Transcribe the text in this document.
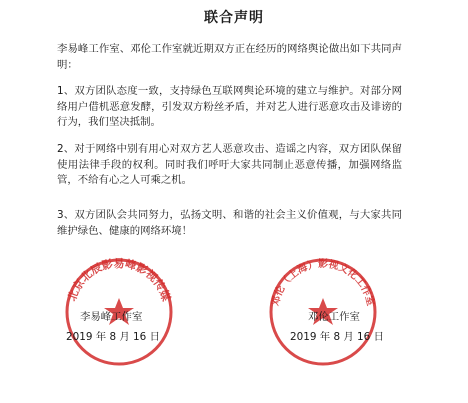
联合声明

李易峰工作室、邓伦工作室就近期双方正在经历的网络舆论做出如下共同声明：

1、双方团队态度一致，支持绿色互联网舆论环境的建立与维护。对部分网络用户借机恶意发酵，引发双方粉丝矛盾，并对艺人进行恶意攻击及诽谤的行为，我们坚决抵制。

2、对于网络中别有用心对双方艺人恶意攻击、造谣之内容，双方团队保留使用法律手段的权利。同时我们呼吁大家共同制止恶意传播，加强网络监管，不给有心之人可乘之机。

3、双方团队会共同努力，弘扬文明、和谐的社会主义价值观，与大家共同维护绿色、健康的网络环境！

北京北辰影易峰影视传媒	邓伦（上海）影视文化工作室
李易峰工作室
2019 年 8 月 16 日
邓伦工作室
2019 年 8 月 16 日
